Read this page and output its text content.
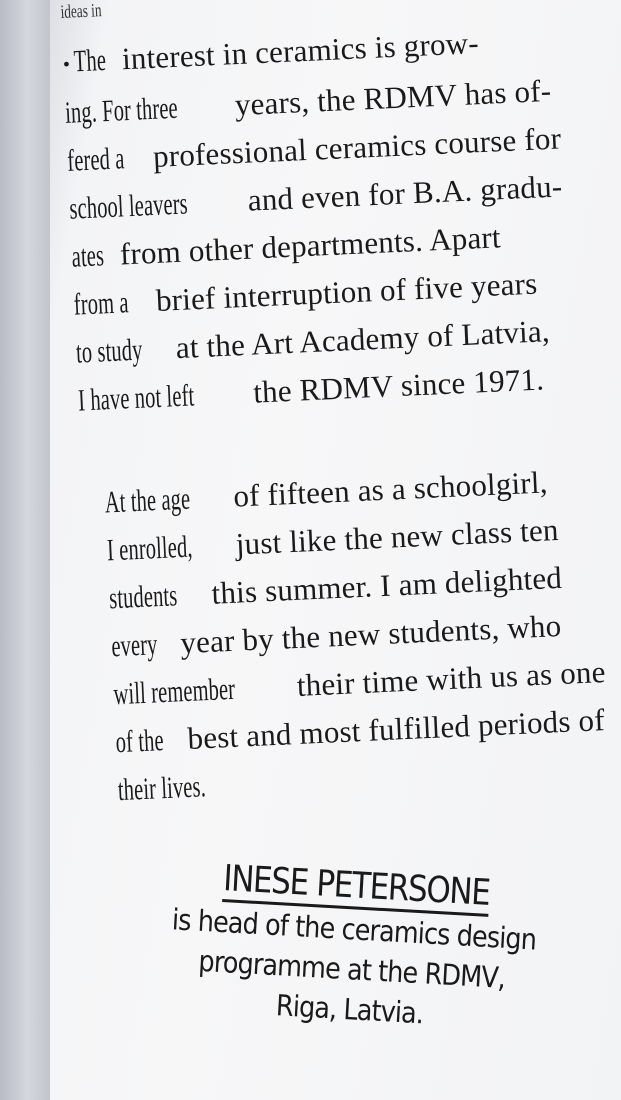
ideas in
•The interest in ceramics is grow-
ing. For three years, the RDMV has of-
fered a professional ceramics course for
school leavers and even for B.A. gradu-
ates from other departments. Apart
from a brief interruption of five years
to study at the Art Academy of Latvia,
I have not left the RDMV since 1971.
At the age of fifteen as a schoolgirl,
I enrolled, just like the new class ten
students this summer. I am delighted
every year by the new students, who
will remember their time with us as one
of the best and most fulfilled periods of
their lives.
INESE PETERSONE
is head of the ceramics design
programme at the RDMV,
Riga, Latvia.
